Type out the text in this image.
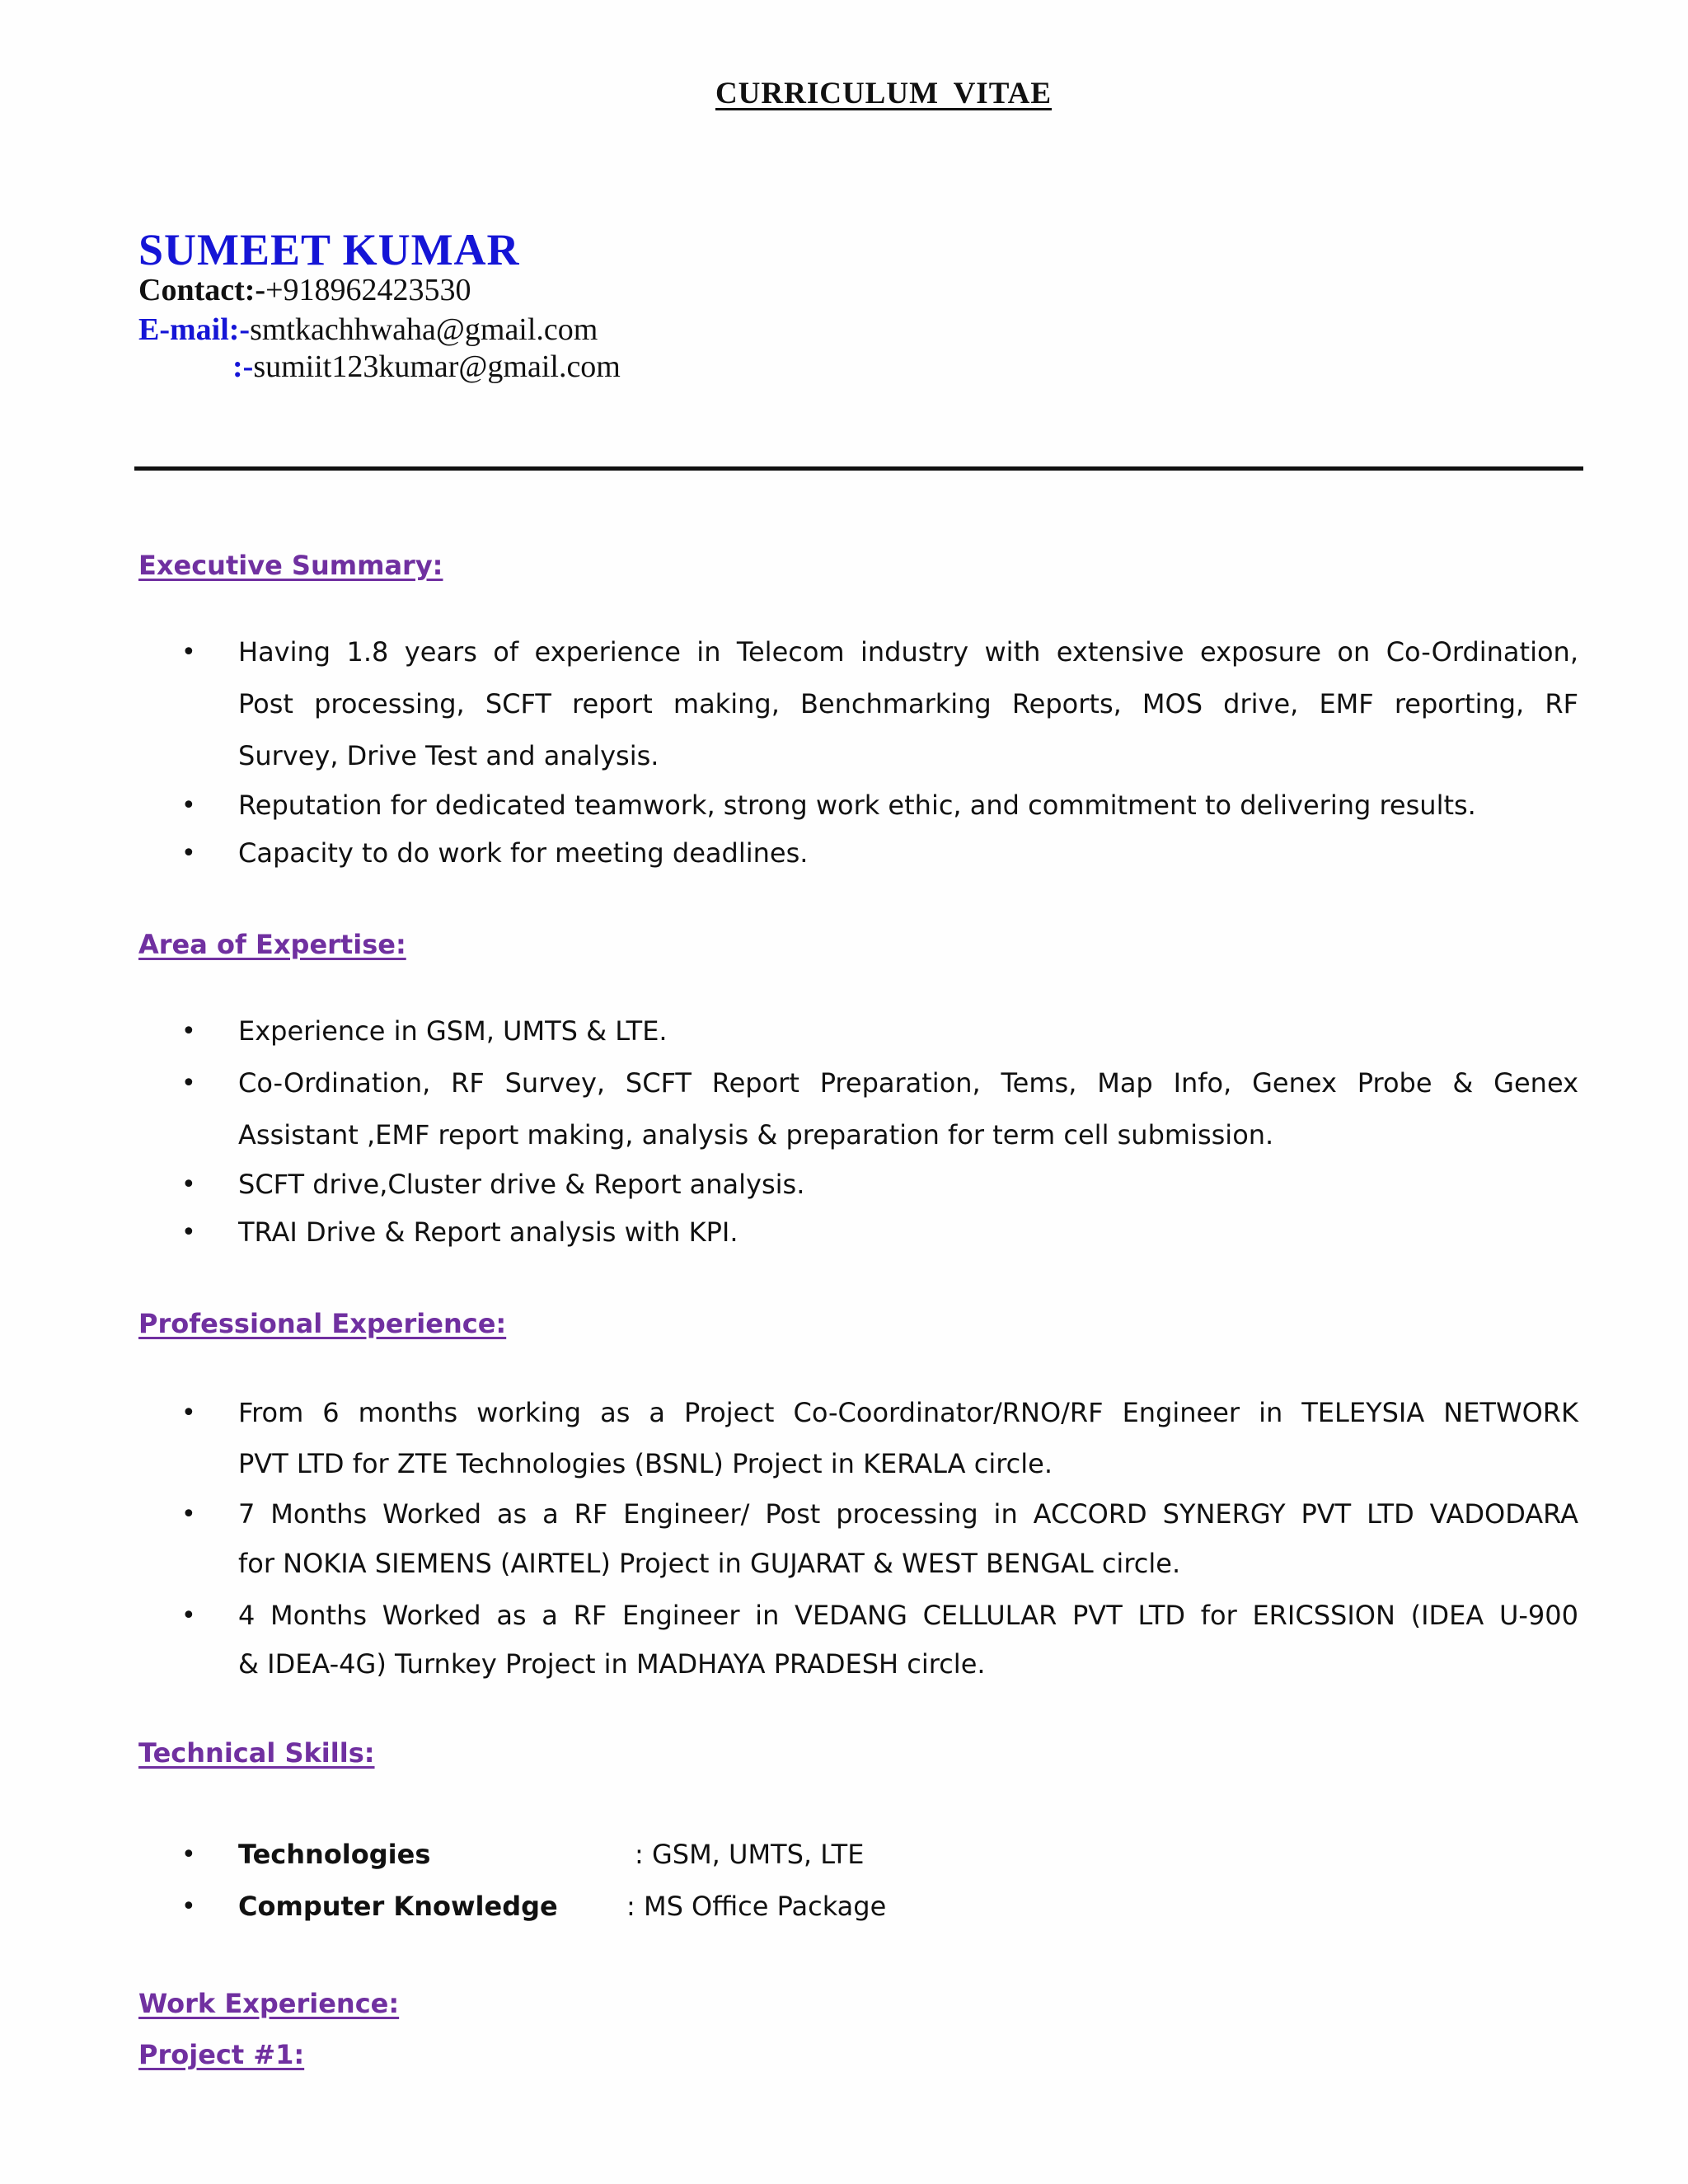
CURRICULUM VITAE
SUMEET KUMAR
Contact:-+918962423530
E-mail:-smtkachhwaha@gmail.com
:-sumiit123kumar@gmail.com
Executive Summary:
•
Having 1.8 years of experience in Telecom industry with extensive exposure on Co-Ordination,
Post processing, SCFT report making, Benchmarking Reports, MOS drive, EMF reporting, RF
Survey, Drive Test and analysis.
•
Reputation for dedicated teamwork, strong work ethic, and commitment to delivering results.
•
Capacity to do work for meeting deadlines.
Area of Expertise:
•
Experience in GSM, UMTS & LTE.
•
Co-Ordination, RF Survey, SCFT Report Preparation, Tems, Map Info, Genex Probe & Genex
Assistant ,EMF report making, analysis & preparation for term cell submission.
•
SCFT drive,Cluster drive & Report analysis.
•
TRAI Drive & Report analysis with KPI.
Professional Experience:
•
From 6 months working as a Project Co-Coordinator/RNO/RF Engineer in TELEYSIA NETWORK
PVT LTD for ZTE Technologies (BSNL) Project in KERALA circle.
•
7 Months Worked as a RF Engineer/ Post processing in ACCORD SYNERGY PVT LTD VADODARA
for NOKIA SIEMENS (AIRTEL) Project in GUJARAT & WEST BENGAL circle.
•
4 Months Worked as a RF Engineer in VEDANG CELLULAR PVT LTD for ERICSSION (IDEA U-900
& IDEA-4G) Turnkey Project in MADHAYA PRADESH circle.
Technical Skills:
•
Technologies	: GSM, UMTS, LTE
•
Computer Knowledge	: MS Office Package
Work Experience:
Project #1:
